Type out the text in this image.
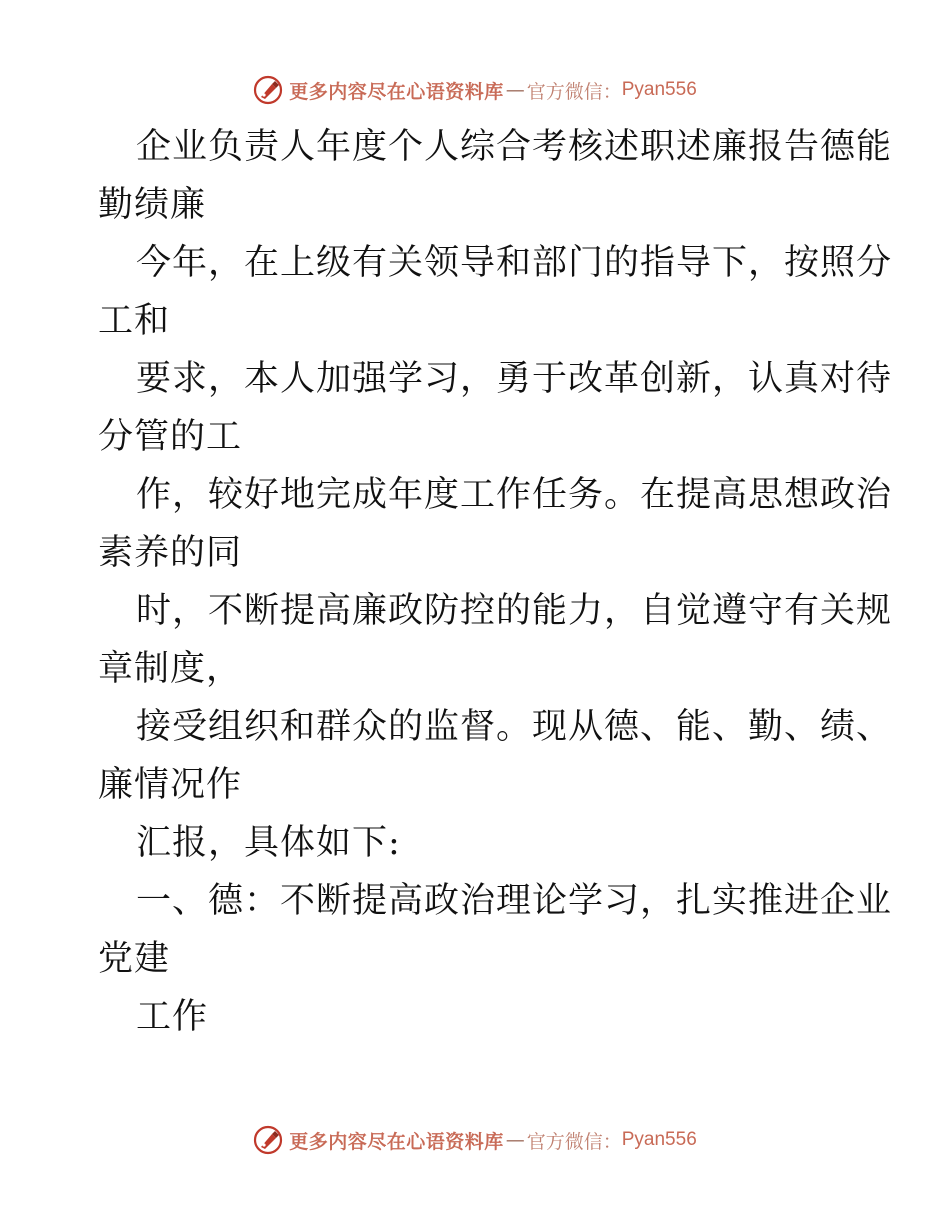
更多内容尽在心语资料库 — 官方微信： Pyan556
企业负责人年度个人综合考核述职述廉报告德能
勤绩廉
今年，在上级有关领导和部门的指导下，按照分
工和
要求，本人加强学习，勇于改革创新，认真对待
分管的工
作，较好地完成年度工作任务。在提高思想政治
素养的同
时，不断提高廉政防控的能力，自觉遵守有关规
章制度，
接受组织和群众的监督。现从德、能、勤、绩、
廉情况作
汇报，具体如下:
一、德：不断提高政治理论学习，扎实推进企业
党建
工作
更多内容尽在心语资料库 — 官方微信： Pyan556
